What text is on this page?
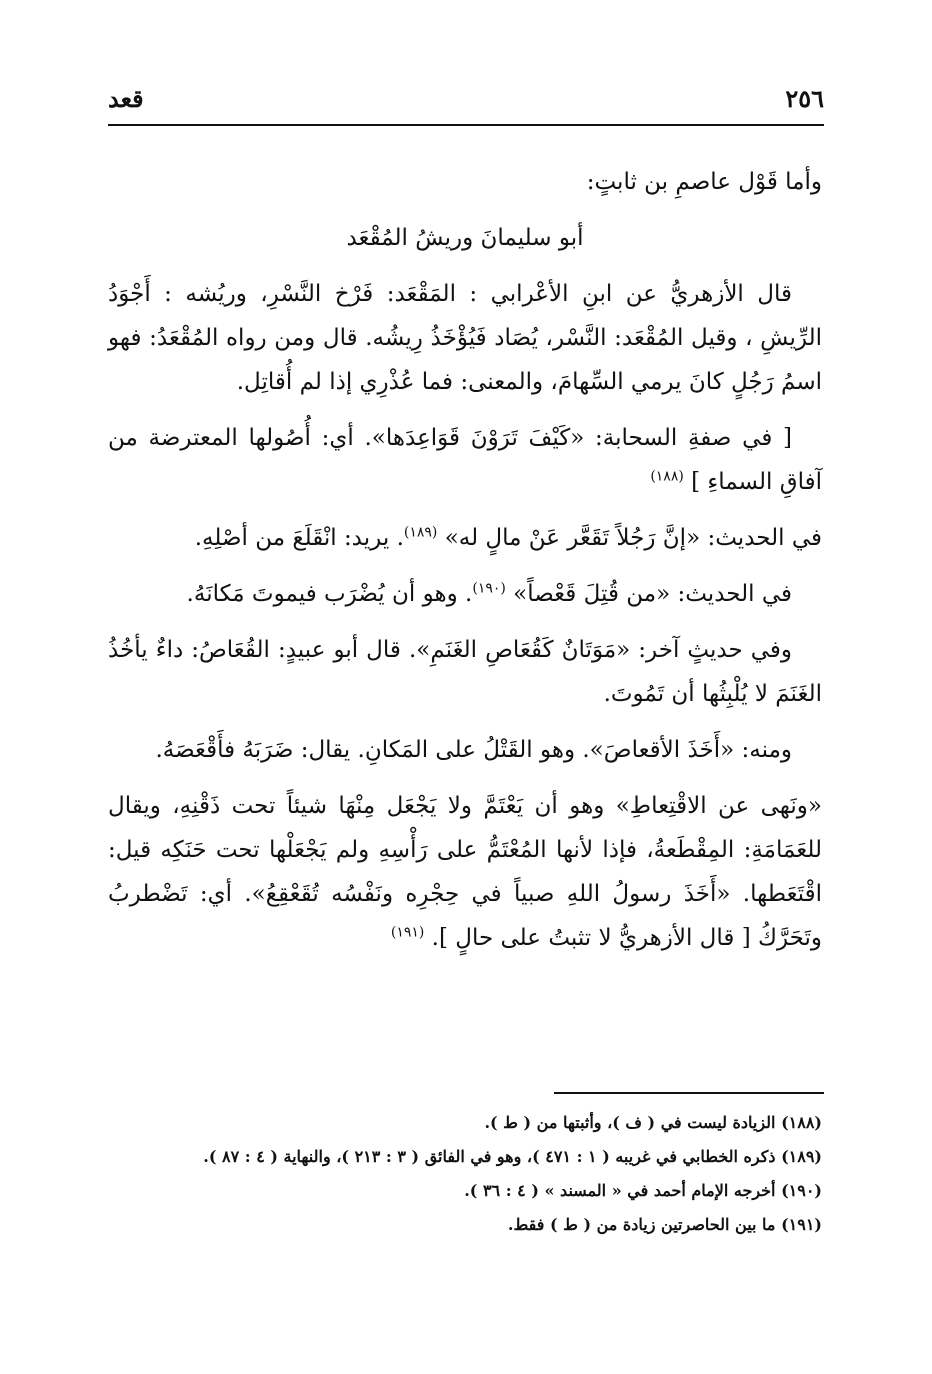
٢٥٦
قعد

وأما قَوْل عاصمِ بن ثابتٍ:

أبو سليمانَ وريشُ المُقْعَد

قال الأزهريُّ عن ابنِ الأعْرابي : المَقْعَد: فَرْخ النَّسْرِ، وريُشه : أَجْوَدُ الرِّيشِ ، وقيل المُقْعَد: النَّسْر، يُصَاد فَيُؤْخَذُ رِيشُه. قال ومن رواه المُقْعَدُ: فهو اسمُ رَجُلٍ كانَ يرمي السِّهامَ، والمعنى: فما عُذْرِي إذا لم أُقاتِل.

[ في صفةِ السحابة: «كَيْفَ تَرَوْنَ قَوَاعِدَها». أي: أُصُولها المعترضة من آفاقِ السماءِ ] $^{(١٨٨)}$

في الحديث: «إنَّ رَجُلاً تَقَعَّر عَنْ مالٍ له» $^{(١٨٩)}$. يريد: انْقَلَعَ من أصْلِهِ.

في الحديث: «من قُتِلَ قَعْصاً» $^{(١٩٠)}$. وهو أن يُضْرَب فيموتَ مَكانَهُ.

وفي حديثٍ آخر: «مَوَتَانٌ كَقُعَاصِ الغَنَمِ». قال أبو عبيدٍ: القُعَاصُ: داءٌ يأخُذُ الغَنَمَ لا يُلْبِثُها أن تَمُوتَ.

ومنه: «أَخَذَ الأقعاصَ». وهو القَتْلُ على المَكانِ. يقال: ضَرَبَهُ فأَقْعَصَهُ.

«ونَهى عن الاقْتِعاطِ» وهو أن يَعْتَمَّ ولا يَجْعَل مِنْهَا شيئاً تحت ذَقْنِهِ، ويقال للعَمَامَةِ: المِقْطَعةُ، فإذا لأنها المُعْتَمُّ على رَأْسِهِ ولم يَجْعَلْها تحت حَنَكِه قيل: اقْتَعَطها. «أَخَذَ رسولُ اللهِ صبياً في حِجْرِه ونَفْسُه تُقَعْقِعُ». أي: تَضْطربُ وتَحَرَّكُ [ قال الأزهريُّ لا تثبتُ على حالٍ ]. $^{(١٩١)}$

(١٨٨) الزيادة ليست في ( ف )، وأثبتها من ( ط ).
(١٨٩) ذكره الخطابي في غريبه ( ١ : ٤٧١ )، وهو في الفائق ( ٣ : ٢١٣ )، والنهاية ( ٤ : ٨٧ ).
(١٩٠) أخرجه الإمام أحمد في « المسند » ( ٤ : ٣٦ ).
(١٩١) ما بين الحاصرتين زيادة من ( ط ) فقط.
